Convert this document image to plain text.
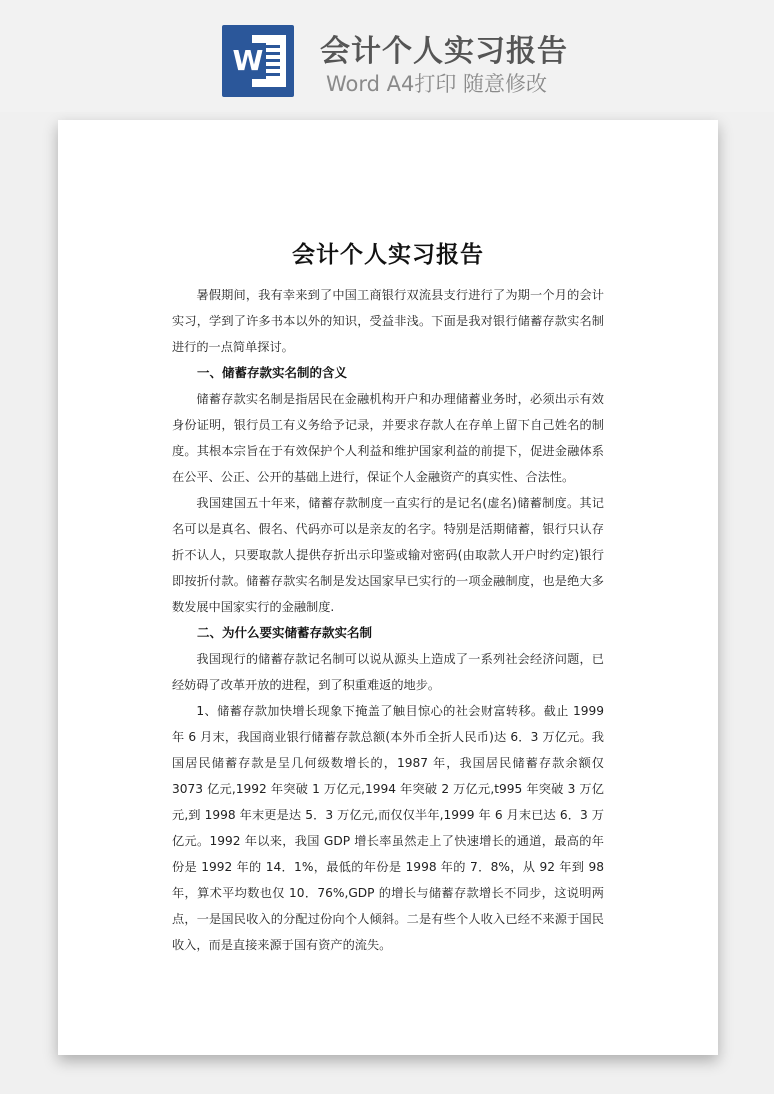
W 会计个人实习报告
Word A4打印 随意修改
会计个人实习报告

暑假期间，我有幸来到了中国工商银行双流县支行进行了为期一个月的会计实习，学到了许多书本以外的知识，受益非浅。下面是我对银行储蓄存款实名制进行的一点简单探讨。

一、储蓄存款实名制的含义

储蓄存款实名制是指居民在金融机构开户和办理储蓄业务时，必须出示有效身份证明，银行员工有义务给予记录，并要求存款人在存单上留下自己姓名的制度。其根本宗旨在于有效保护个人利益和维护国家利益的前提下，促进金融体系在公平、公正、公开的基础上进行，保证个人金融资产的真实性、合法性。

我国建国五十年来，储蓄存款制度一直实行的是记名(虚名)储蓄制度。其记名可以是真名、假名、代码亦可以是亲友的名字。特别是活期储蓄，银行只认存折不认人，只要取款人提供存折出示印鉴或输对密码(由取款人开户时约定)银行即按折付款。储蓄存款实名制是发达国家早已实行的一项金融制度，也是绝大多数发展中国家实行的金融制度.

二、为什么要实储蓄存款实名制

我国现行的储蓄存款记名制可以说从源头上造成了一系列社会经济问题，已经妨碍了改革开放的进程，到了积重难返的地步。

1、储蓄存款加快增长现象下掩盖了触目惊心的社会财富转移。截止 1999 年 6 月末，我国商业银行储蓄存款总额(本外币全折人民币)达 6．3 万亿元。我国居民储蓄存款是呈几何级数增长的，1987 年，我国居民储蓄存款余额仅 3073 亿元,1992 年突破 1 万亿元,1994 年突破 2 万亿元,t995 年突破 3 万亿元,到 1998 年末更是达 5．3 万亿元,而仅仅半年,1999 年 6 月末已达 6．3 万亿元。1992 年以来，我国 GDP 增长率虽然走上了快速增长的通道，最高的年份是 1992 年的 14．1%，最低的年份是 1998 年的 7．8%，从 92 年到 98 年，算术平均数也仅 10．76%,GDP 的增长与储蓄存款增长不同步，这说明两点，一是国民收入的分配过份向个人倾斜。二是有些个人收入已经不来源于国民收入，而是直接来源于国有资产的流失。
